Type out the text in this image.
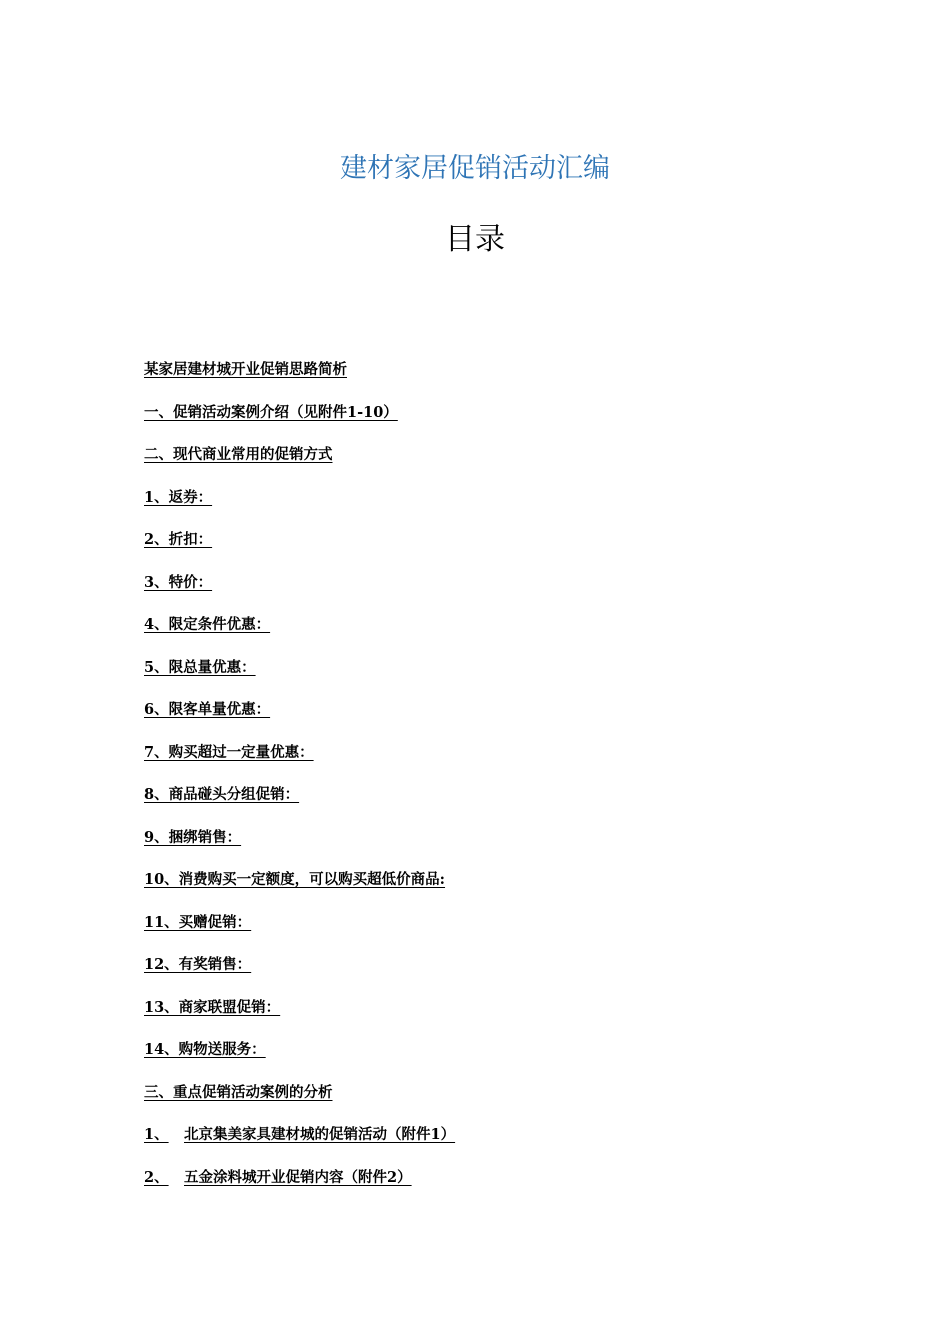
建材家居促销活动汇编
目录
某家居建材城开业促销思路简析
一、促销活动案例介绍（见附件1-10）
二、现代商业常用的促销方式
1、返券：
2、折扣：
3、特价：
4、限定条件优惠：
5、限总量优惠：
6、限客单量优惠：
7、购买超过一定量优惠：
8、商品碰头分组促销：
9、捆绑销售：
10、消费购买一定额度，可以购买超低价商品:
11、买赠促销：
12、有奖销售：
13、商家联盟促销：
14、购物送服务：
三、重点促销活动案例的分析
1、 北京集美家具建材城的促销活动（附件1）
2、 五金涂料城开业促销内容（附件2）
